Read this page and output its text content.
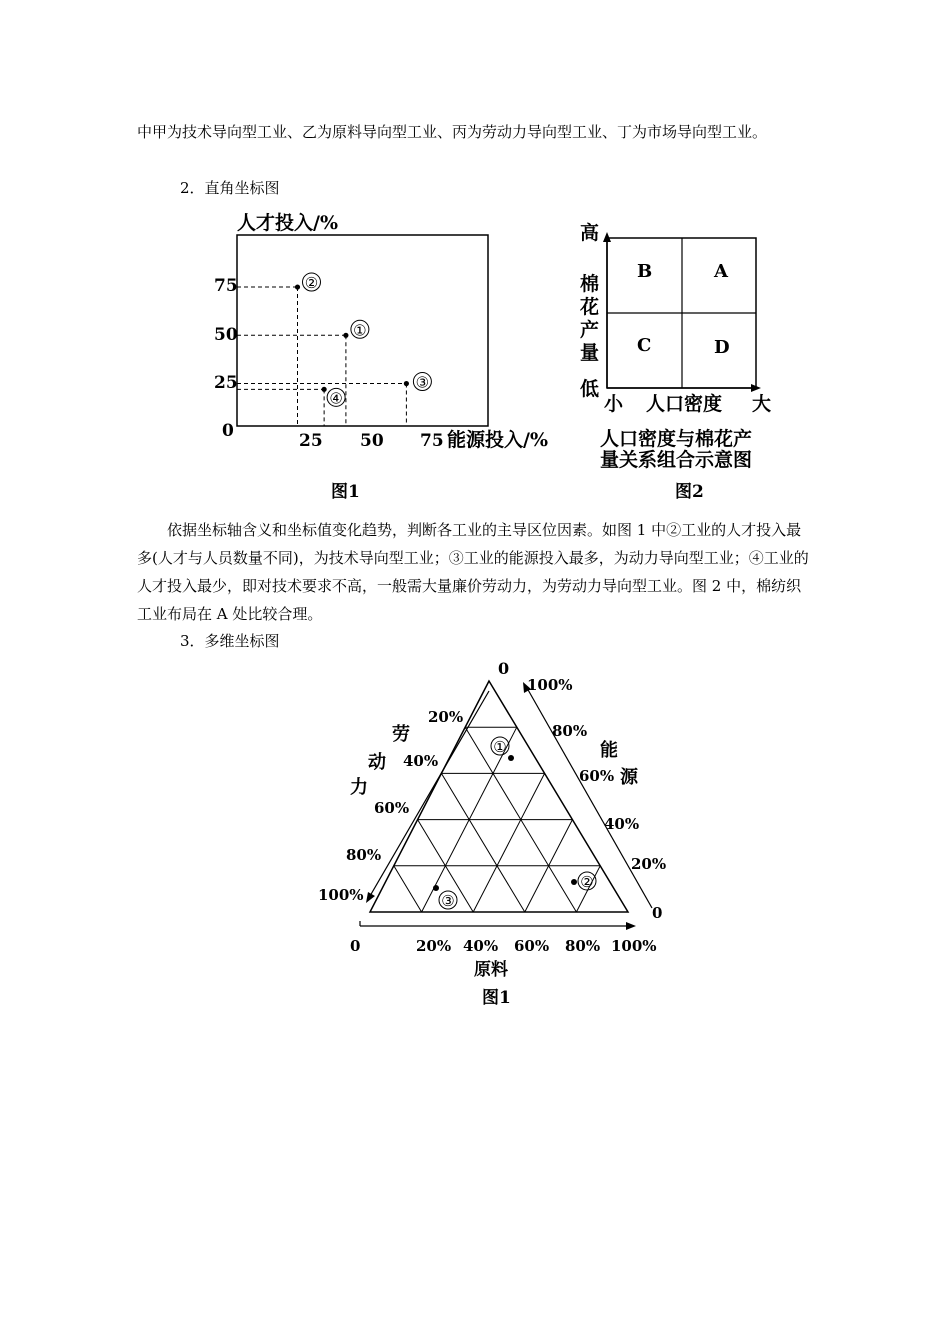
中甲为技术导向型工业、乙为原料导向型工业、丙为劳动力导向型工业、丁为市场导向型工业。

2．直角坐标图

依据坐标轴含义和坐标值变化趋势，判断各工业的主导区位因素。如图 1 中②工业的人才投入最多(人才与人员数量不同)，为技术导向型工业；③工业的能源投入最多，为动力导向型工业；④工业的人才投入最少，即对技术要求不高，一般需大量廉价劳动力，为劳动力导向型工业。图 2 中，棉纺织工业布局在 A 处比较合理。

3．多维坐标图

人才投入/%
0	25 50 75 能源投入/%
75
50
25
①
②
③
④
图1
B	A
C	D
高
棉
花
产
量
低
小 人口密度 大
人口密度与棉花产
量关系组合示意图
图2
0
20%
40%
60%
80%
100%
100%
80%
60%
40%
20%
0
0	20% 40% 60% 80% 100%
劳
动
力
能
源
原料
①
②
③
图1
